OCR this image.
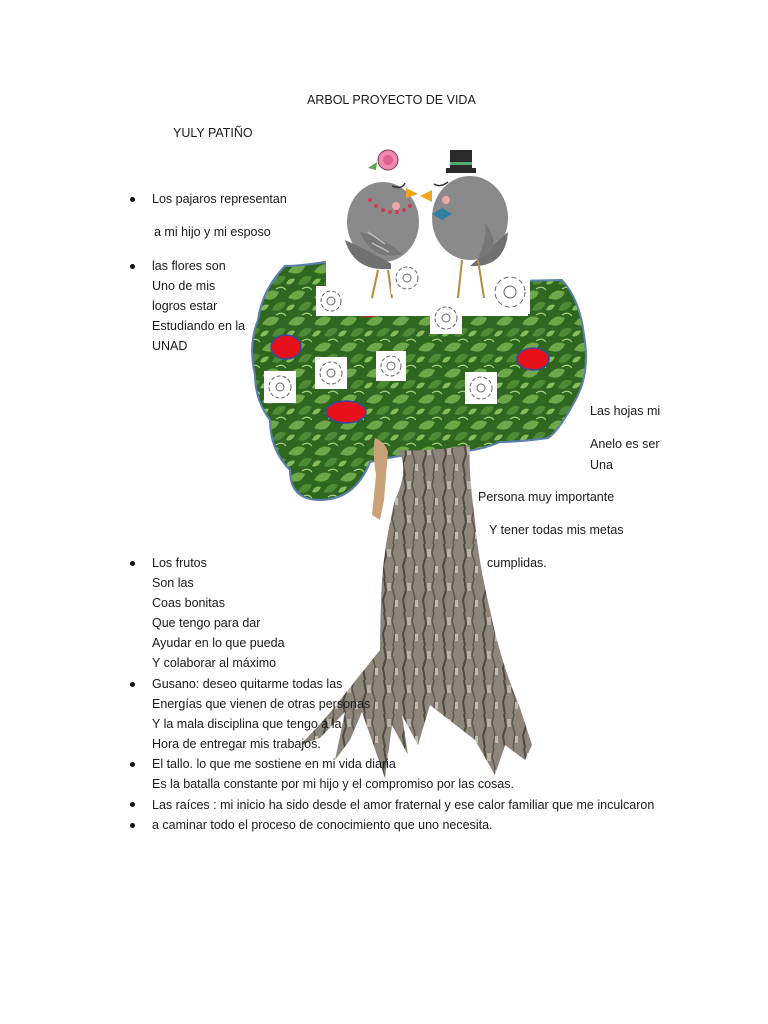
ARBOL PROYECTO DE VIDA
YULY PATIÑO
Los pajaros representan
a mi hijo y mi esposo
las flores son
Uno de mis
logros estar
Estudiando en la
UNAD
Las hojas mi
Anelo es ser
Una
Persona muy importante
Y tener todas mis metas
cumplidas.
Los frutos
Son las
Coas bonitas
Que tengo para dar
Ayudar en lo que pueda
Y colaborar al máximo
Gusano: deseo quitarme todas las
Energías que vienen de otras personas
Y la mala disciplina que tengo a la
Hora de entregar mis trabajos.
El tallo. lo que me sostiene en mi vida diaria
Es la batalla constante por mi hijo y el compromiso por las cosas.
Las raíces : mi inicio ha sido desde el amor fraternal y ese calor familiar que me inculcaron
a caminar todo el proceso de conocimiento que uno necesita.
